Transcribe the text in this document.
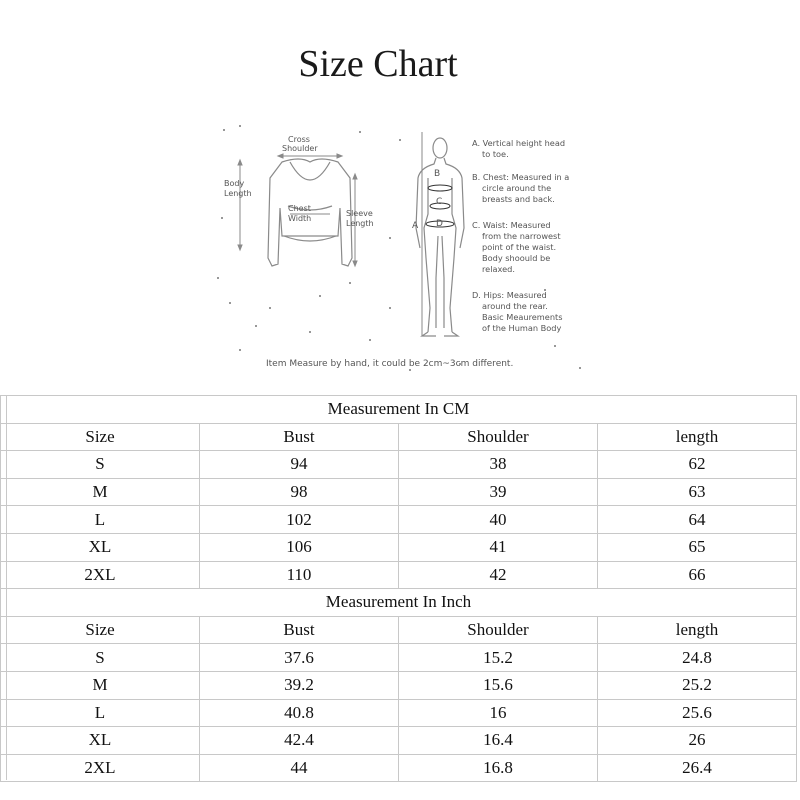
Size Chart
Cross
Shoulder
Body
Length
Chest
Width
Sleeve
Length
B
C
D
A
A. Vertical height head
to toe.
B. Chest: Measured in a
circle around the
breasts and back.
C. Waist: Measured
from the narrowest
point of the waist.
Body shoould be
relaxed.
D. Hips: Measured
around the rear.
Basic Meaurements
of the Human Body
Item Measure by hand, it could be 2cm~3cm different.
Measurement In CM			
Size	Bust	Shoulder	length
S	94	38	62
M	98	39	63
L	102	40	64
XL	106	41	65
2XL	110	42	66
Measurement In Inch			
Size	Bust	Shoulder	length
S	37.6	15.2	24.8
M	39.2	15.6	25.2
L	40.8	16	25.6
XL	42.4	16.4	26
2XL	44	16.8	26.4
